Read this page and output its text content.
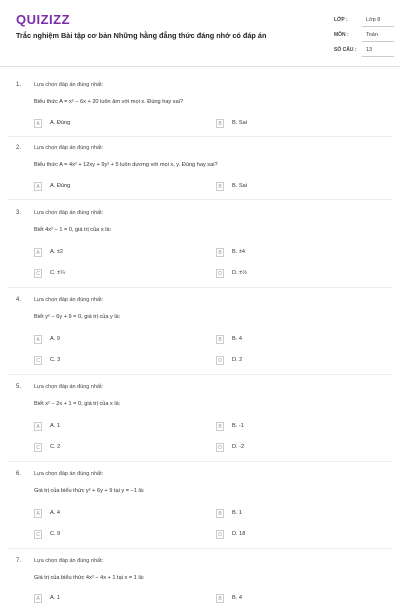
QUIZIZZ
Trắc nghiệm Bài tập cơ bản Những hằng đẳng thức đáng nhớ có đáp án
LỚP :	Lớp 8
MÔN :	Toán
SỐ CÂU : 13
1. Lựa chọn đáp án đúng nhất:
Biểu thức A = x² − 6x + 20 luôn âm với mọi x. Đúng hay sai?
A	A. Đúng	B	B. Sai
2. Lựa chọn đáp án đúng nhất:
Biểu thức A = 4x² + 12xy + 9y² + 5 luôn dương với mọi x, y. Đúng hay sai?
A	A. Đúng	B	B. Sai
3. Lựa chọn đáp án đúng nhất:
Biết 4x² − 1 = 0, giá trị của x là:
A	A. ±2	B	B. ±4
C	C. ±¼	D	D. ±½
4. Lựa chọn đáp án đúng nhất:
Biết y² − 6y + 9 = 0, giá trị của y là:
A	A. 9	B	B. 4
C	C. 3	D	D. 2
5. Lựa chọn đáp án đúng nhất:
Biết x² − 2x + 1 = 0, giá trị của x là:
A	A. 1	B	B. -1
C	C. 2	D	D. -2
6. Lựa chọn đáp án đúng nhất:
Giá trị của biểu thức y² + 6y + 9 tại y = −1 là:
A	A. 4	B	B. 1
C	C. 9	D	D. 18
7. Lựa chọn đáp án đúng nhất:
Giá trị của biểu thức 4x² − 4x + 1 tại x = 1 là:
A	A. 1	B	B. 4
